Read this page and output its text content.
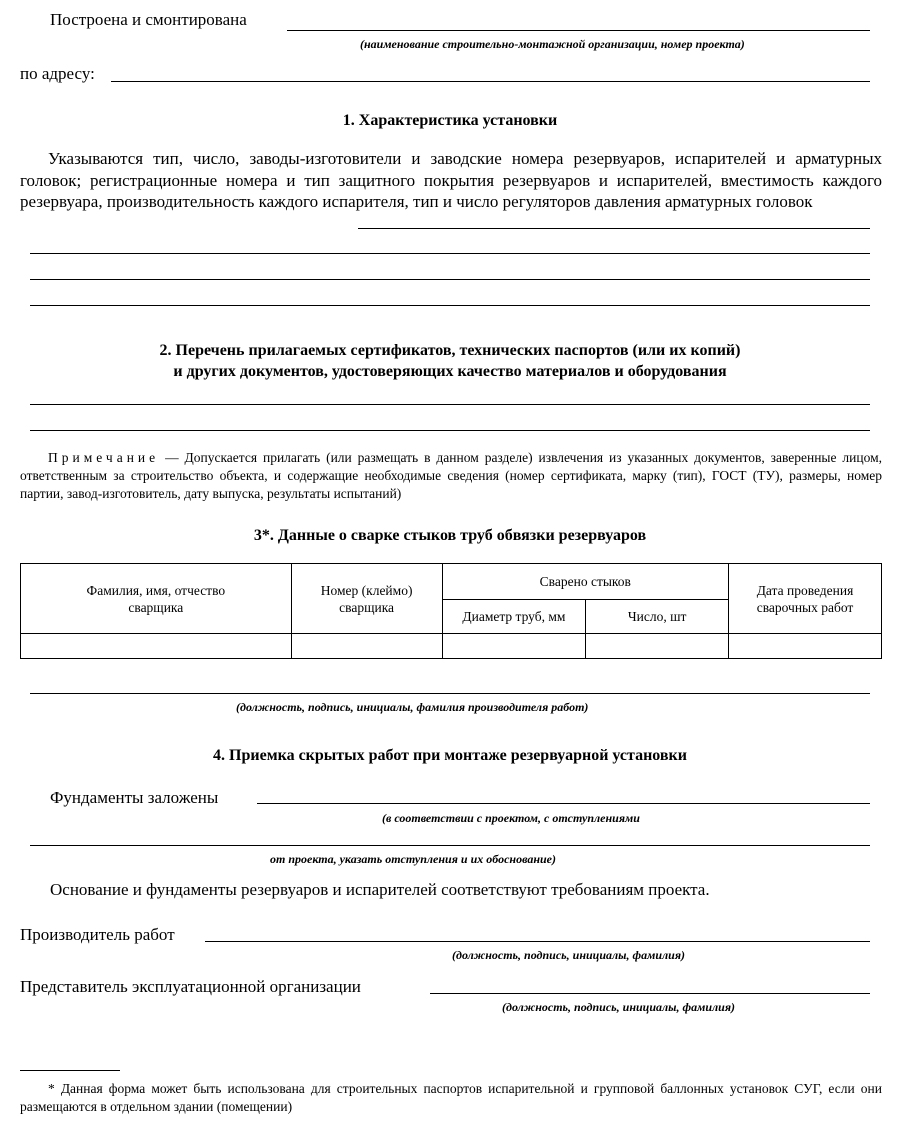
Построена и смонтирована
(наименование строительно-монтажной организации, номер проекта)
по адресу:
1. Характеристика установки
Указываются тип, число, заводы-изготовители и заводские номера резервуаров, испарителей и арматурных головок; регистрационные номера и тип защитного покрытия резервуаров и испарителей, вместимость каждого резервуара, производительность каждого испарителя, тип и число регуляторов давления арматурных головок
2. Перечень прилагаемых сертификатов, технических паспортов (или их копий)
и других документов, удостоверяющих качество материалов и оборудования
Примечание — Допускается прилагать (или размещать в данном разделе) извлечения из указанных документов, заверенные лицом, ответственным за строительство объекта, и содержащие необходимые сведения (номер сертификата, марку (тип), ГОСТ (ТУ), размеры, номер партии, завод-изготовитель, дату выпуска, результаты испытаний)
3*. Данные о сварке стыков труб обвязки резервуаров
Фамилия, имя, отчество сварщика	Номер (клеймо) сварщика	Сварено стыков		Дата проведения сварочных работ

		Диаметр труб, мм	Число, шт	

(должность, подпись, инициалы, фамилия производителя работ)
4. Приемка скрытых работ при монтаже резервуарной установки
Фундаменты заложены
(в соответствии с проектом, с отступлениями
от проекта, указать отступления и их обоснование)
Основание и фундаменты резервуаров и испарителей соответствуют требованиям проекта.
Производитель работ
(должность, подпись, инициалы, фамилия)
Представитель эксплуатационной организации
(должность, подпись, инициалы, фамилия)
* Данная форма может быть использована для строительных паспортов испарительной и групповой баллонных установок СУГ, если они размещаются в отдельном здании (помещении)
